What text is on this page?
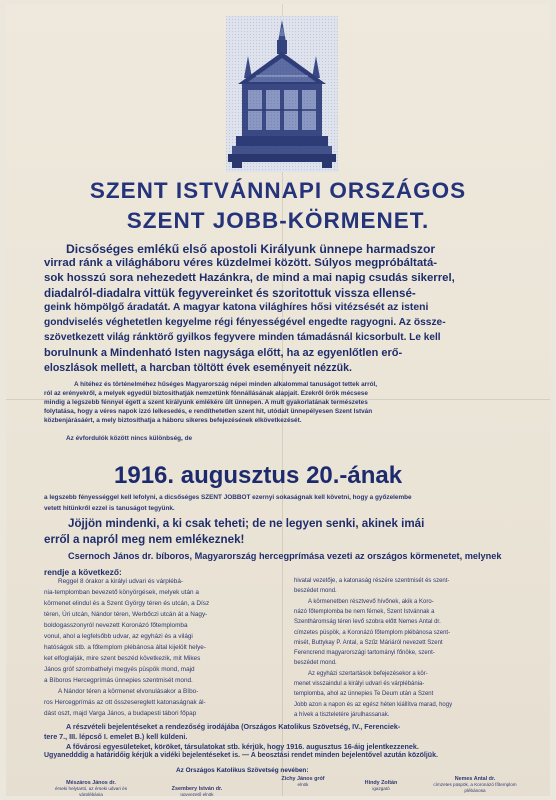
SZENT ISTVÁNNAPI ORSZÁGOS
SZENT JOBB-KÖRMENET.
Dicsőséges emlékű első apostoli Királyunk ünnepe harmadszor
virrad ránk a világháboru véres küzdelmei között. Súlyos megpróbáltatá-
sok hosszú sora nehezedett Hazánkra, de mind a mai napig csudás sikerrel,
diadalról-diadalra vittük fegyvereinket és szoritottuk vissza ellensé-
geink hömpölgő áradatát. A magyar katona világhíres hősi vitézsését az isteni
gondviselés véghetetlen kegyelme régi fényességével engedte ragyogni. Az össze-
szövetkezett világ ránktörő gyilkos fegyvere minden támadásnál kicsorbult. Le kell
borulnunk a Mindenható Isten nagysága előtt, ha az egyenlőtlen erő-
eloszlások mellett, a harcban töltött évek eseményeit nézzük.
A hitéhez és történelméhez hűséges Magyarország népei minden alkalommal tanuságot tettek arról,
ról az erényekről, a melyek egyedül biztosithatják nemzetünk fönnállásának alapjait. Ezekről örök mécsese
mindig a legszebb fénnyel égett a szent királyunk emlékére ült ünnepen. A mult gyakorlatának természetes
folytatása, hogy a véres napok izzó lelkesedés, e rendíthetetlen szent hit, utódait ünnepélyesen Szent István
közbenjárásáért, a mely biztosíthatja a háboru sikeres befejezésének elkövetkezését.
Az évfordulók között nincs különbség, de
1916. augusztus 20.-ának
a legszebb fényességgel kell lefolyni, a dicsőséges SZENT JOBBOT ezernyi sokaságnak kell követni, hogy a győzelembe
vetett hitünkről ezzel is tanuságot tegyünk.
Jöjjön mindenki, a ki csak teheti; de ne legyen senki, akinek imái
erről a napról meg nem emlékeznek!
Csernoch János dr. bíboros, Magyarország hercegprímása vezeti az országos körmenetet, melynek
rendje a következő:
A részvételi bejelentéseket a rendezőség irodájába (Országos Katolikus Szövetség, IV., Ferenciek-
tere 7., III. lépcső I. emelet B.) kell küldeni.
A fővárosi egyesületeket, köröket, társulatokat stb. kérjük, hogy 1916. augusztus 16-áig jelentkezzenek.
Ugyanedddig a határidőig kérjük a vidéki bejelentéseket is. — A beosztási rendet minden bejelentővel azután közöljük.
Az Országos Katolikus Szövetség nevében:
Reggel 8 órakor a királyi udvari és várplébá-
nia-templomban bevezető könyörgések, melyek után a
körmenet elindul és a Szent György téren és utcán, a Dísz
téren, Úri utcán, Nándor téren, Werbőczi utcán át a Nagy-
boldogasszonyról nevezett Koronázó főtemplomba
vonul, ahol a legfelsőbb udvar, az egyházi és a világi
hatóságok stb. a főtemplom plébánosa által kijelölt helye-
ket elfoglalják, mire szent beszéd következik, mit Mikes
János gróf szombathelyi megyés püspök mond, majd
a Bíboros Hercegprímás ünnepies szentmisét mond.
A Nándor téren a körmenet elvonulásakor a Bíbo-
ros Hercegprímás az ott összesereglett katonaságnak ál-
dást oszt, majd Varga János, a budapesti tábori főpap
hivatal vezetője, a katonaság részére szentmisét és szent-
beszédet mond.
A körmenetben résztvevő hívőnek, akik a Koro-
názó főtemplomba be nem férnek, Szent Istvánnak a
Szentháromság téren levő szobra előtt Nemes Antal dr.
címzetes püspök, a Koronázó főtemplom plébánosa szent-
misét, Buttykay P. Antal, a Szűz Máriáról nevezett Szent
Ferencrend magyarországi tartományi főnöke, szent-
beszédet mond.
Az egyházi szertartások befejezésekor a kör-
menet visszaindul a királyi udvari és várplébánia-
templomba, ahol az ünnepies Te Deum után a Szent
Jobb azon a napon és az egész héten kiállítva marad, hogy
a hívek a tiszteletére járulhassanak.
Mészáros János dr.
érseki helytartó, az érseki udvari és várplébánia
Zsembery István dr.
ügyvezető elnök
Zichy János gróf
elnök	Hindy Zoltán
igazgató
Nemes Antal dr.
címzetes püspök, a Koronázó főtemplom plébánosa
